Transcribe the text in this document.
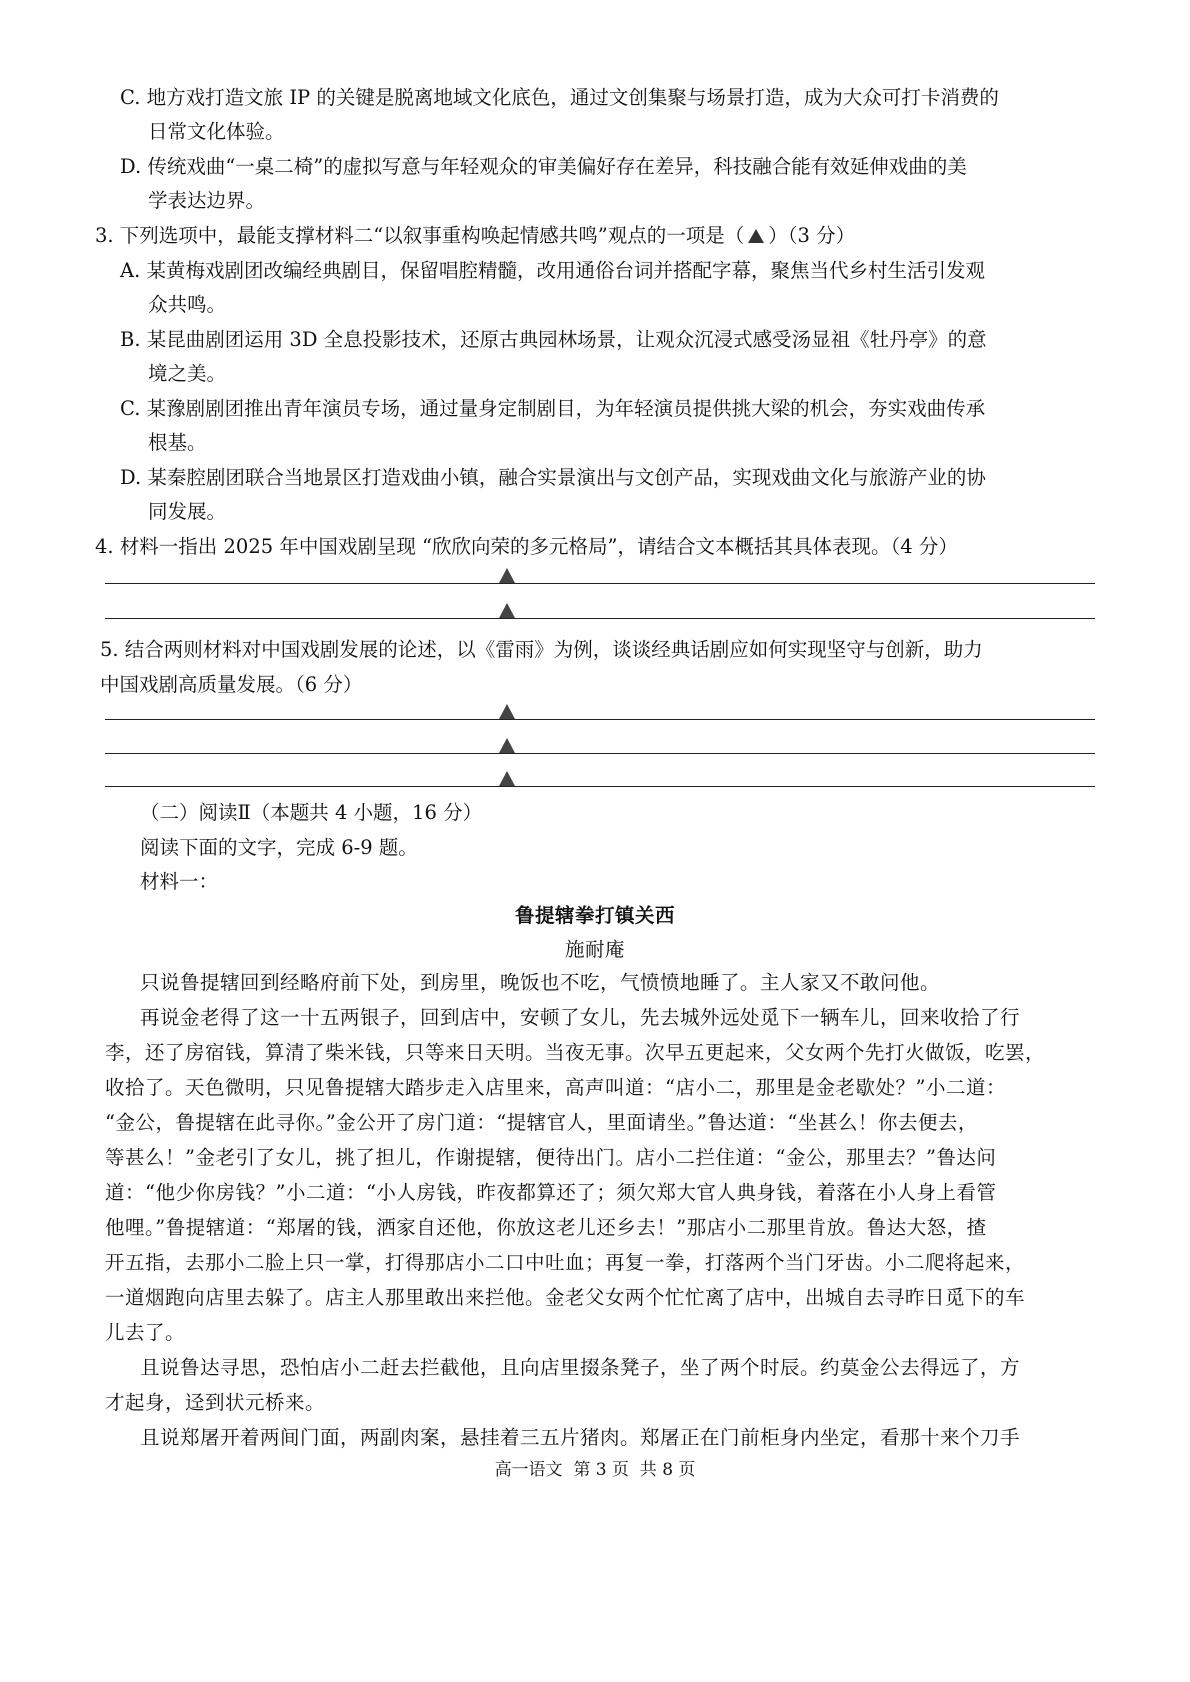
C. 地方戏打造文旅 IP 的关键是脱离地域文化底色，通过文创集聚与场景打造，成为大众可打卡消费的
日常文化体验。
D. 传统戏曲“一桌二椅”的虚拟写意与年轻观众的审美偏好存在差异，科技融合能有效延伸戏曲的美
学表达边界。
3. 下列选项中，最能支撑材料二“以叙事重构唤起情感共鸣”观点的一项是（ ）（3 分）
A. 某黄梅戏剧团改编经典剧目，保留唱腔精髓，改用通俗台词并搭配字幕，聚焦当代乡村生活引发观
众共鸣。
B. 某昆曲剧团运用 3D 全息投影技术，还原古典园林场景，让观众沉浸式感受汤显祖《牡丹亭》的意
境之美。
C. 某豫剧剧团推出青年演员专场，通过量身定制剧目，为年轻演员提供挑大梁的机会，夯实戏曲传承
根基。
D. 某秦腔剧团联合当地景区打造戏曲小镇，融合实景演出与文创产品，实现戏曲文化与旅游产业的协
同发展。
4. 材料一指出 2025 年中国戏剧呈现 “欣欣向荣的多元格局”，请结合文本概括其具体表现。（4 分）
5. 结合两则材料对中国戏剧发展的论述，以《雷雨》为例，谈谈经典话剧应如何实现坚守与创新，助力
中国戏剧高质量发展。（6 分）
（二）阅读Ⅱ（本题共 4 小题，16 分）
阅读下面的文字，完成 6-9 题。
材料一：
鲁提辖拳打镇关西
施耐庵
只说鲁提辖回到经略府前下处，到房里，晚饭也不吃，气愤愤地睡了。主人家又不敢问他。
再说金老得了这一十五两银子，回到店中，安顿了女儿，先去城外远处觅下一辆车儿，回来收拾了行
李，还了房宿钱，算清了柴米钱，只等来日天明。当夜无事。次早五更起来，父女两个先打火做饭，吃罢，
收拾了。天色微明，只见鲁提辖大踏步走入店里来，高声叫道：“店小二，那里是金老歇处？”小二道：
“金公，鲁提辖在此寻你。”金公开了房门道：“提辖官人，里面请坐。”鲁达道：“坐甚么！你去便去，
等甚么！”金老引了女儿，挑了担儿，作谢提辖，便待出门。店小二拦住道：“金公，那里去？”鲁达问
道：“他少你房钱？”小二道：“小人房钱，昨夜都算还了；须欠郑大官人典身钱，着落在小人身上看管
他哩。”鲁提辖道：“郑屠的钱，洒家自还他，你放这老儿还乡去！”那店小二那里肯放。鲁达大怒，揸
开五指，去那小二脸上只一掌，打得那店小二口中吐血；再复一拳，打落两个当门牙齿。小二爬将起来，
一道烟跑向店里去躲了。店主人那里敢出来拦他。金老父女两个忙忙离了店中，出城自去寻昨日觅下的车
儿去了。
且说鲁达寻思，恐怕店小二赶去拦截他，且向店里掇条凳子，坐了两个时辰。约莫金公去得远了，方
才起身，迳到状元桥来。
且说郑屠开着两间门面，两副肉案，悬挂着三五片猪肉。郑屠正在门前柜身内坐定，看那十来个刀手
高一语文  第 3 页  共 8 页
